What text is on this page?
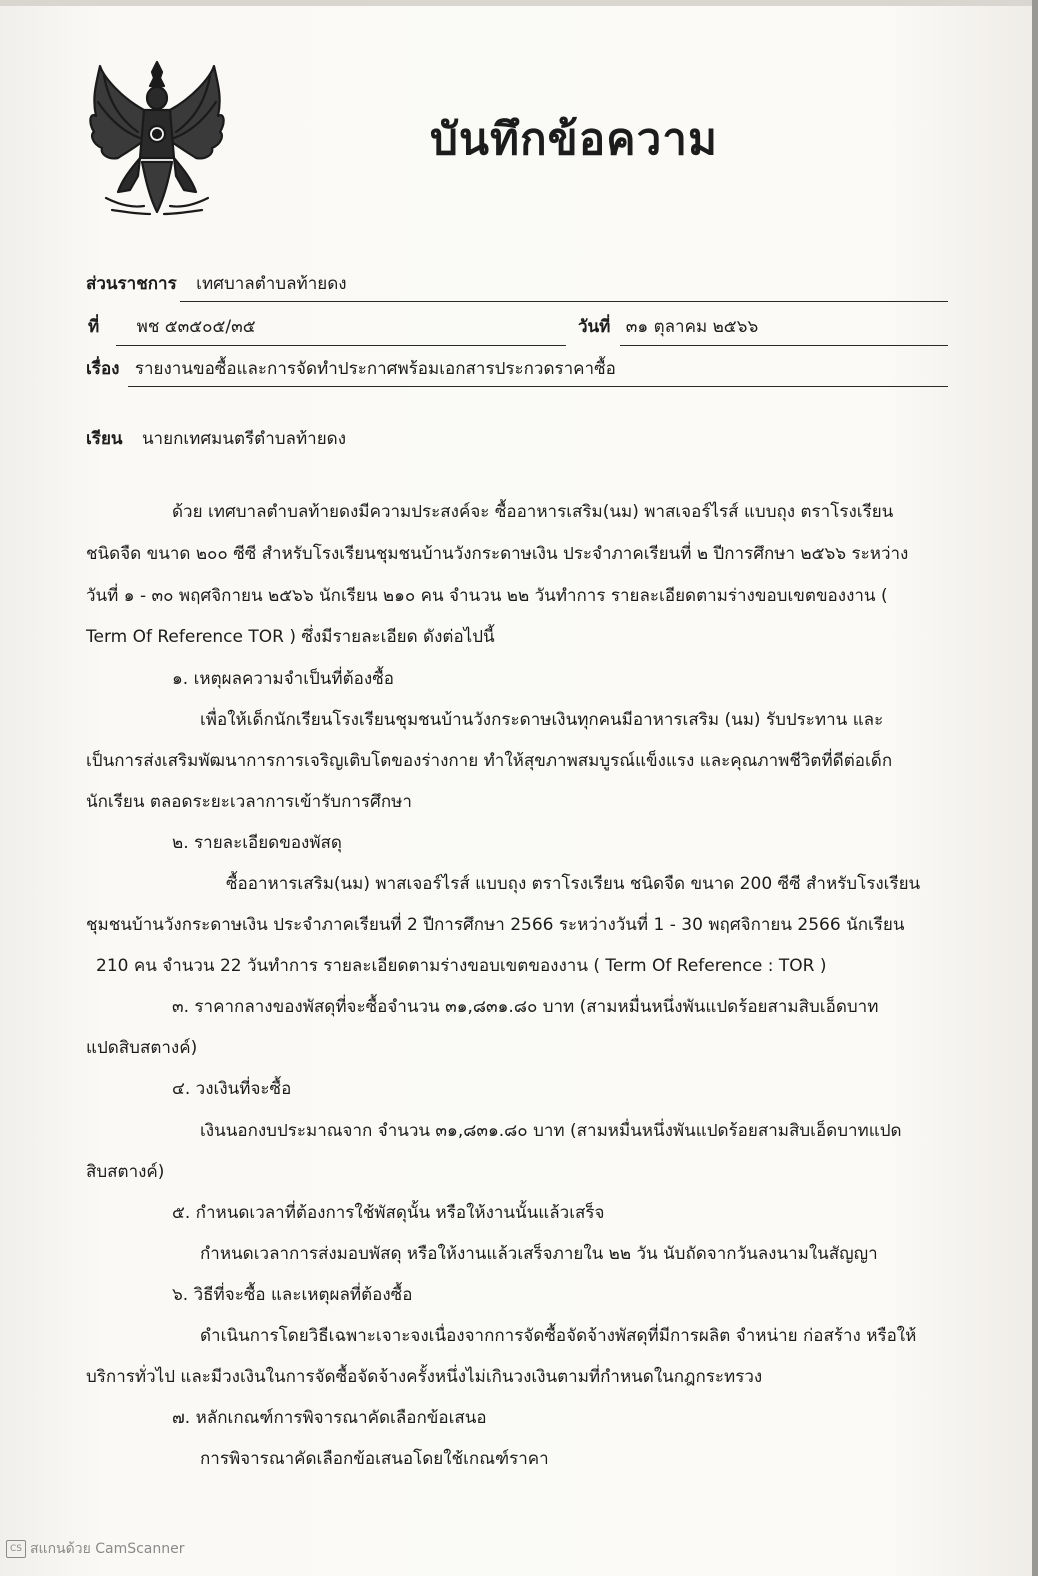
บันทึกข้อความ
ส่วนราชการ เทศบาลตำบลท้ายดง
ที่ พช ๕๓๕๐๕/๓๕	วันที่ ๓๑ ตุลาคม ๒๕๖๖
เรื่อง รายงานขอซื้อและการจัดทำประกาศพร้อมเอกสารประกวดราคาซื้อ
เรียน นายกเทศมนตรีตำบลท้ายดง
ด้วย เทศบาลตำบลท้ายดงมีความประสงค์จะ ซื้ออาหารเสริม(นม) พาสเจอร์ไรส์ แบบถุง ตราโรงเรียน
ชนิดจืด ขนาด ๒๐๐ ซีซี สำหรับโรงเรียนชุมชนบ้านวังกระดาษเงิน ประจำภาคเรียนที่ ๒ ปีการศึกษา ๒๕๖๖ ระหว่าง
วันที่ ๑ - ๓๐ พฤศจิกายน ๒๕๖๖ นักเรียน ๒๑๐ คน จำนวน ๒๒ วันทำการ รายละเอียดตามร่างขอบเขตของงาน (
Term Of Reference TOR ) ซึ่งมีรายละเอียด ดังต่อไปนี้
๑. เหตุผลความจำเป็นที่ต้องซื้อ
เพื่อให้เด็กนักเรียนโรงเรียนชุมชนบ้านวังกระดาษเงินทุกคนมีอาหารเสริม (นม) รับประทาน และ
เป็นการส่งเสริมพัฒนาการการเจริญเติบโตของร่างกาย ทำให้สุขภาพสมบูรณ์แข็งแรง และคุณภาพชีวิตที่ดีต่อเด็ก
นักเรียน ตลอดระยะเวลาการเข้ารับการศึกษา
๒. รายละเอียดของพัสดุ
ซื้ออาหารเสริม(นม) พาสเจอร์ไรส์ แบบถุง ตราโรงเรียน ชนิดจืด ขนาด 200 ซีซี สำหรับโรงเรียน
ชุมชนบ้านวังกระดาษเงิน ประจำภาคเรียนที่ 2 ปีการศึกษา 2566 ระหว่างวันที่ 1 - 30 พฤศจิกายน 2566 นักเรียน
210 คน จำนวน 22 วันทำการ รายละเอียดตามร่างขอบเขตของงาน ( Term Of Reference : TOR )
๓. ราคากลางของพัสดุที่จะซื้อจำนวน ๓๑,๘๓๑.๘๐ บาท (สามหมื่นหนึ่งพันแปดร้อยสามสิบเอ็ดบาท
แปดสิบสตางค์)
๔. วงเงินที่จะซื้อ
เงินนอกงบประมาณจาก จำนวน ๓๑,๘๓๑.๘๐ บาท (สามหมื่นหนึ่งพันแปดร้อยสามสิบเอ็ดบาทแปด
สิบสตางค์)
๕. กำหนดเวลาที่ต้องการใช้พัสดุนั้น หรือให้งานนั้นแล้วเสร็จ
กำหนดเวลาการส่งมอบพัสดุ หรือให้งานแล้วเสร็จภายใน ๒๒ วัน นับถัดจากวันลงนามในสัญญา
๖. วิธีที่จะซื้อ และเหตุผลที่ต้องซื้อ
ดำเนินการโดยวิธีเฉพาะเจาะจงเนื่องจากการจัดซื้อจัดจ้างพัสดุที่มีการผลิต จำหน่าย ก่อสร้าง หรือให้
บริการทั่วไป และมีวงเงินในการจัดซื้อจัดจ้างครั้งหนึ่งไม่เกินวงเงินตามที่กำหนดในกฎกระทรวง
๗. หลักเกณฑ์การพิจารณาคัดเลือกข้อเสนอ
การพิจารณาคัดเลือกข้อเสนอโดยใช้เกณฑ์ราคา
CS สแกนด้วย CamScanner
